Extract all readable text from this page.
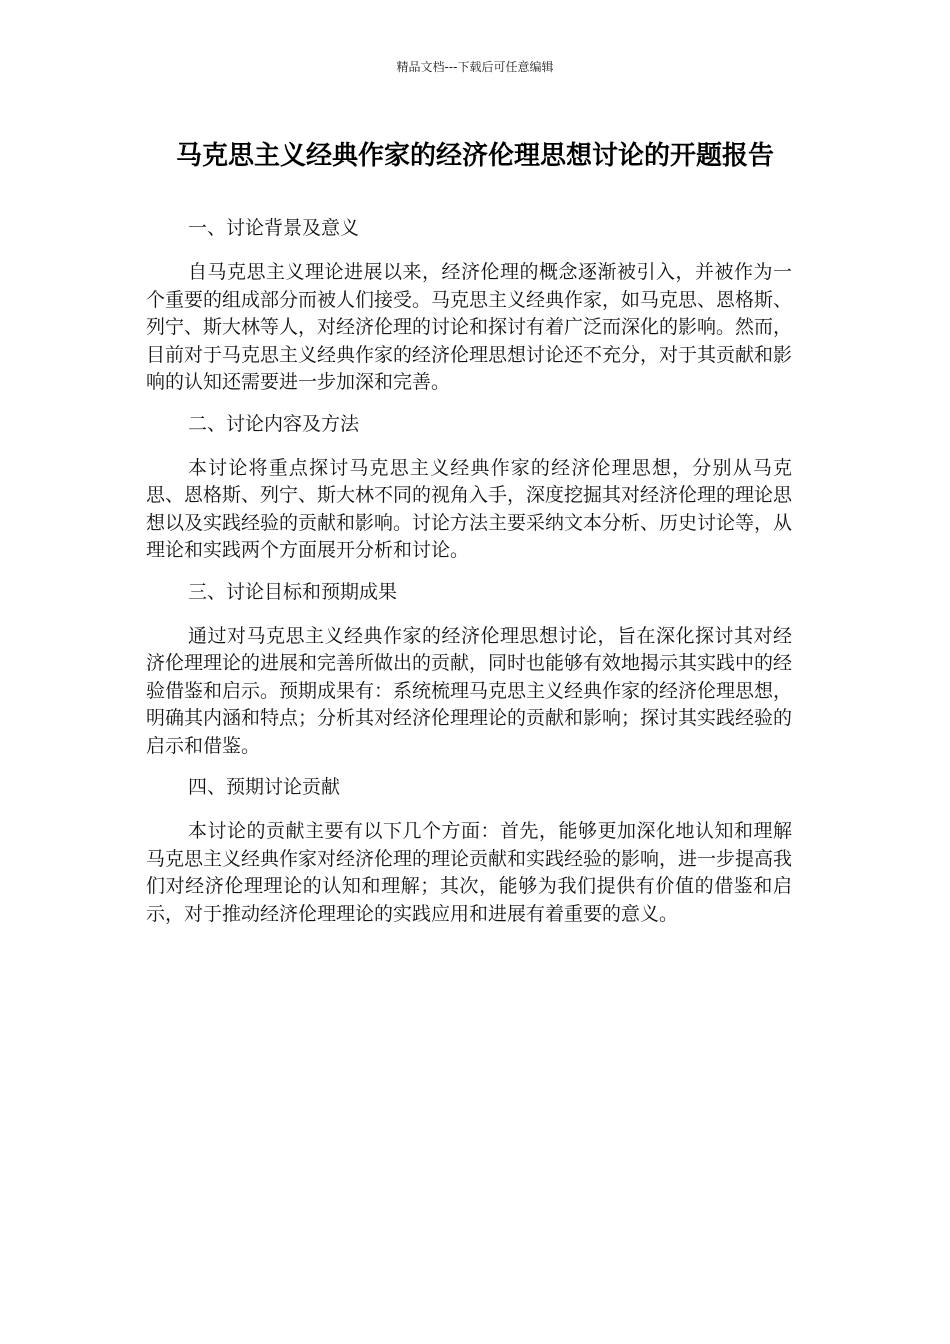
精品文档---下载后可任意编辑
马克思主义经典作家的经济伦理思想讨论的开题报告

一、讨论背景及意义

自马克思主义理论进展以来，经济伦理的概念逐渐被引入，并被作为一个重要的组成部分而被人们接受。马克思主义经典作家，如马克思、恩格斯、列宁、斯大林等人，对经济伦理的讨论和探讨有着广泛而深化的影响。然而，目前对于马克思主义经典作家的经济伦理思想讨论还不充分，对于其贡献和影响的认知还需要进一步加深和完善。

二、讨论内容及方法

本讨论将重点探讨马克思主义经典作家的经济伦理思想，分别从马克思、恩格斯、列宁、斯大林不同的视角入手，深度挖掘其对经济伦理的理论思想以及实践经验的贡献和影响。讨论方法主要采纳文本分析、历史讨论等，从理论和实践两个方面展开分析和讨论。

三、讨论目标和预期成果

通过对马克思主义经典作家的经济伦理思想讨论，旨在深化探讨其对经济伦理理论的进展和完善所做出的贡献，同时也能够有效地揭示其实践中的经验借鉴和启示。预期成果有：系统梳理马克思主义经典作家的经济伦理思想，明确其内涵和特点；分析其对经济伦理理论的贡献和影响；探讨其实践经验的启示和借鉴。

四、预期讨论贡献

本讨论的贡献主要有以下几个方面：首先，能够更加深化地认知和理解马克思主义经典作家对经济伦理的理论贡献和实践经验的影响，进一步提高我们对经济伦理理论的认知和理解；其次，能够为我们提供有价值的借鉴和启示，对于推动经济伦理理论的实践应用和进展有着重要的意义。
